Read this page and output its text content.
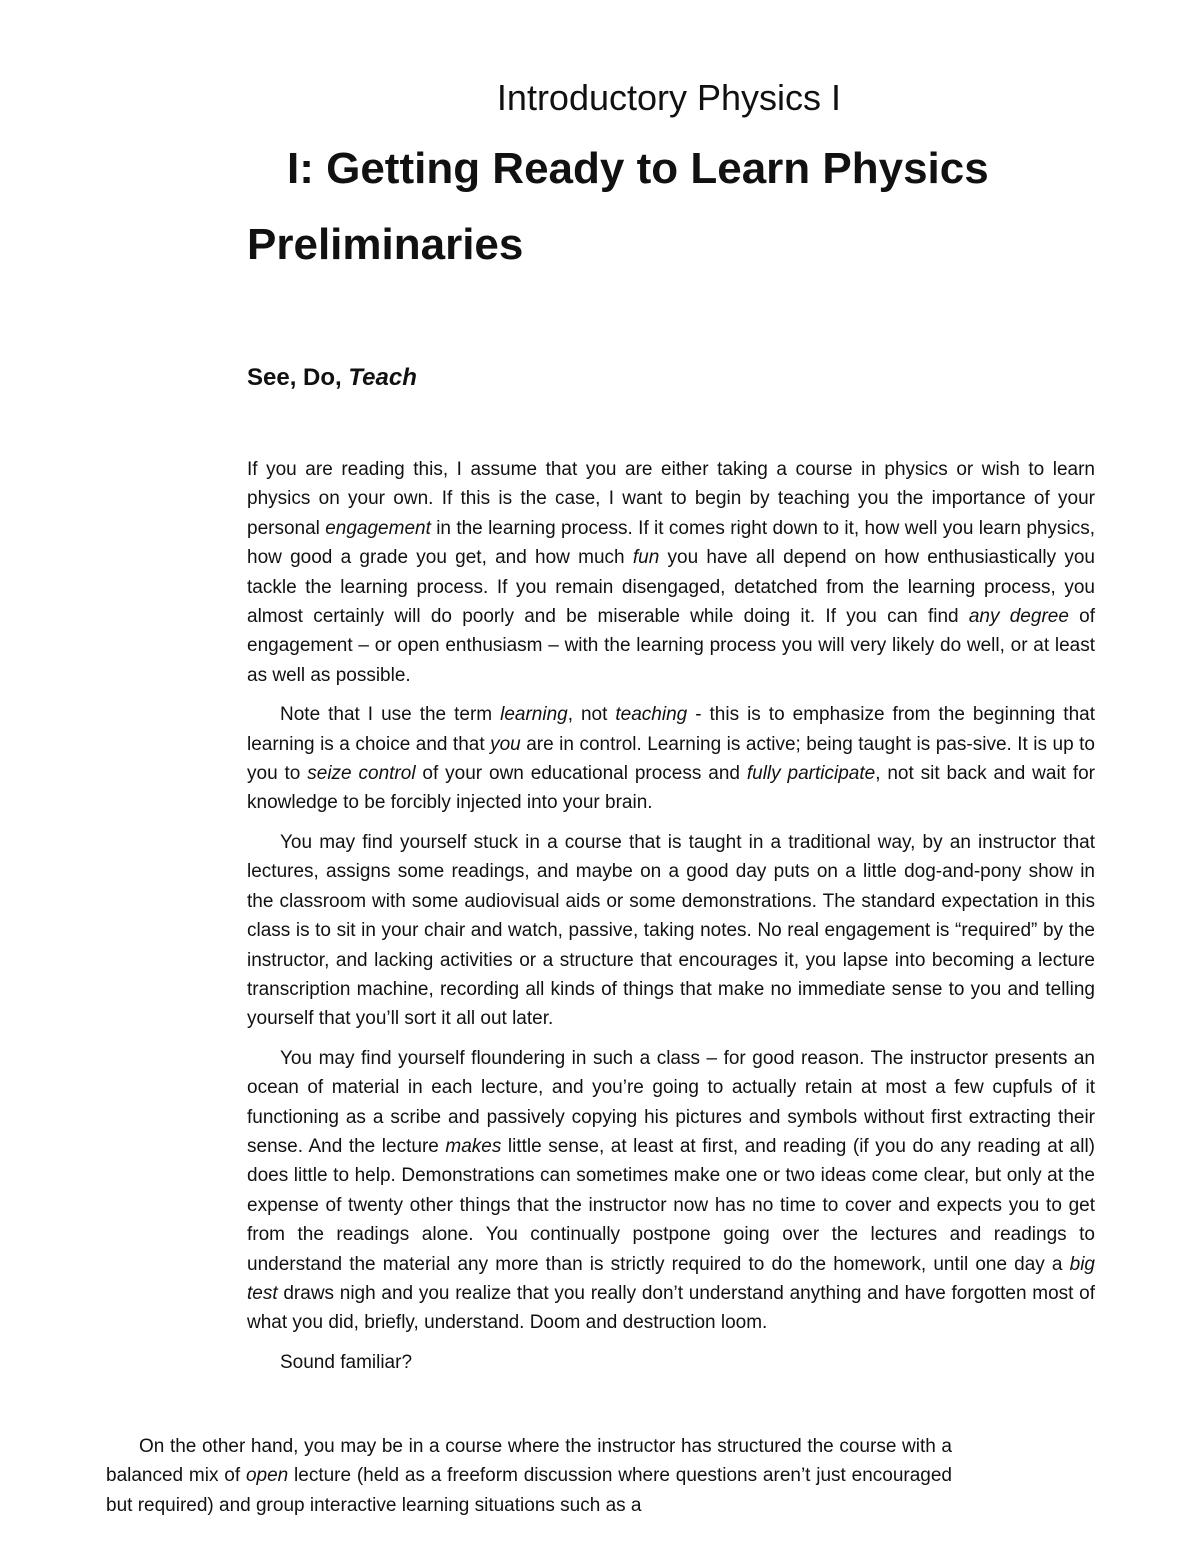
Introductory Physics I
I: Getting Ready to Learn Physics
Preliminaries
See, Do, Teach

If you are reading this, I assume that you are either taking a course in physics or wish to learn physics on your own. If this is the case, I want to begin by teaching you the importance of your personal engagement in the learning process. If it comes right down to it, how well you learn physics, how good a grade you get, and how much fun you have all depend on how enthusiastically you tackle the learning process. If you remain disengaged, detatched from the learning process, you almost certainly will do poorly and be miserable while doing it. If you can find any degree of engagement – or open enthusiasm – with the learning process you will very likely do well, or at least as well as possible.

Note that I use the term learning, not teaching - this is to emphasize from the beginning that learning is a choice and that you are in control. Learning is active; being taught is pas-sive. It is up to you to seize control of your own educational process and fully participate, not sit back and wait for knowledge to be forcibly injected into your brain.

You may find yourself stuck in a course that is taught in a traditional way, by an instructor that lectures, assigns some readings, and maybe on a good day puts on a little dog-and-pony show in the classroom with some audiovisual aids or some demonstrations. The standard expectation in this class is to sit in your chair and watch, passive, taking notes. No real engagement is “required” by the instructor, and lacking activities or a structure that encourages it, you lapse into becoming a lecture transcription machine, recording all kinds of things that make no immediate sense to you and telling yourself that you’ll sort it all out later.

You may find yourself floundering in such a class – for good reason. The instructor presents an ocean of material in each lecture, and you’re going to actually retain at most a few cupfuls of it functioning as a scribe and passively copying his pictures and symbols without first extracting their sense. And the lecture makes little sense, at least at first, and reading (if you do any reading at all) does little to help. Demonstrations can sometimes make one or two ideas come clear, but only at the expense of twenty other things that the instructor now has no time to cover and expects you to get from the readings alone. You continually postpone going over the lectures and readings to understand the material any more than is strictly required to do the homework, until one day a big test draws nigh and you realize that you really don’t understand anything and have forgotten most of what you did, briefly, understand. Doom and destruction loom.

Sound familiar?

On the other hand, you may be in a course where the instructor has structured the course with a balanced mix of open lecture (held as a freeform discussion where questions aren’t just encouraged but required) and group interactive learning situations such as a
